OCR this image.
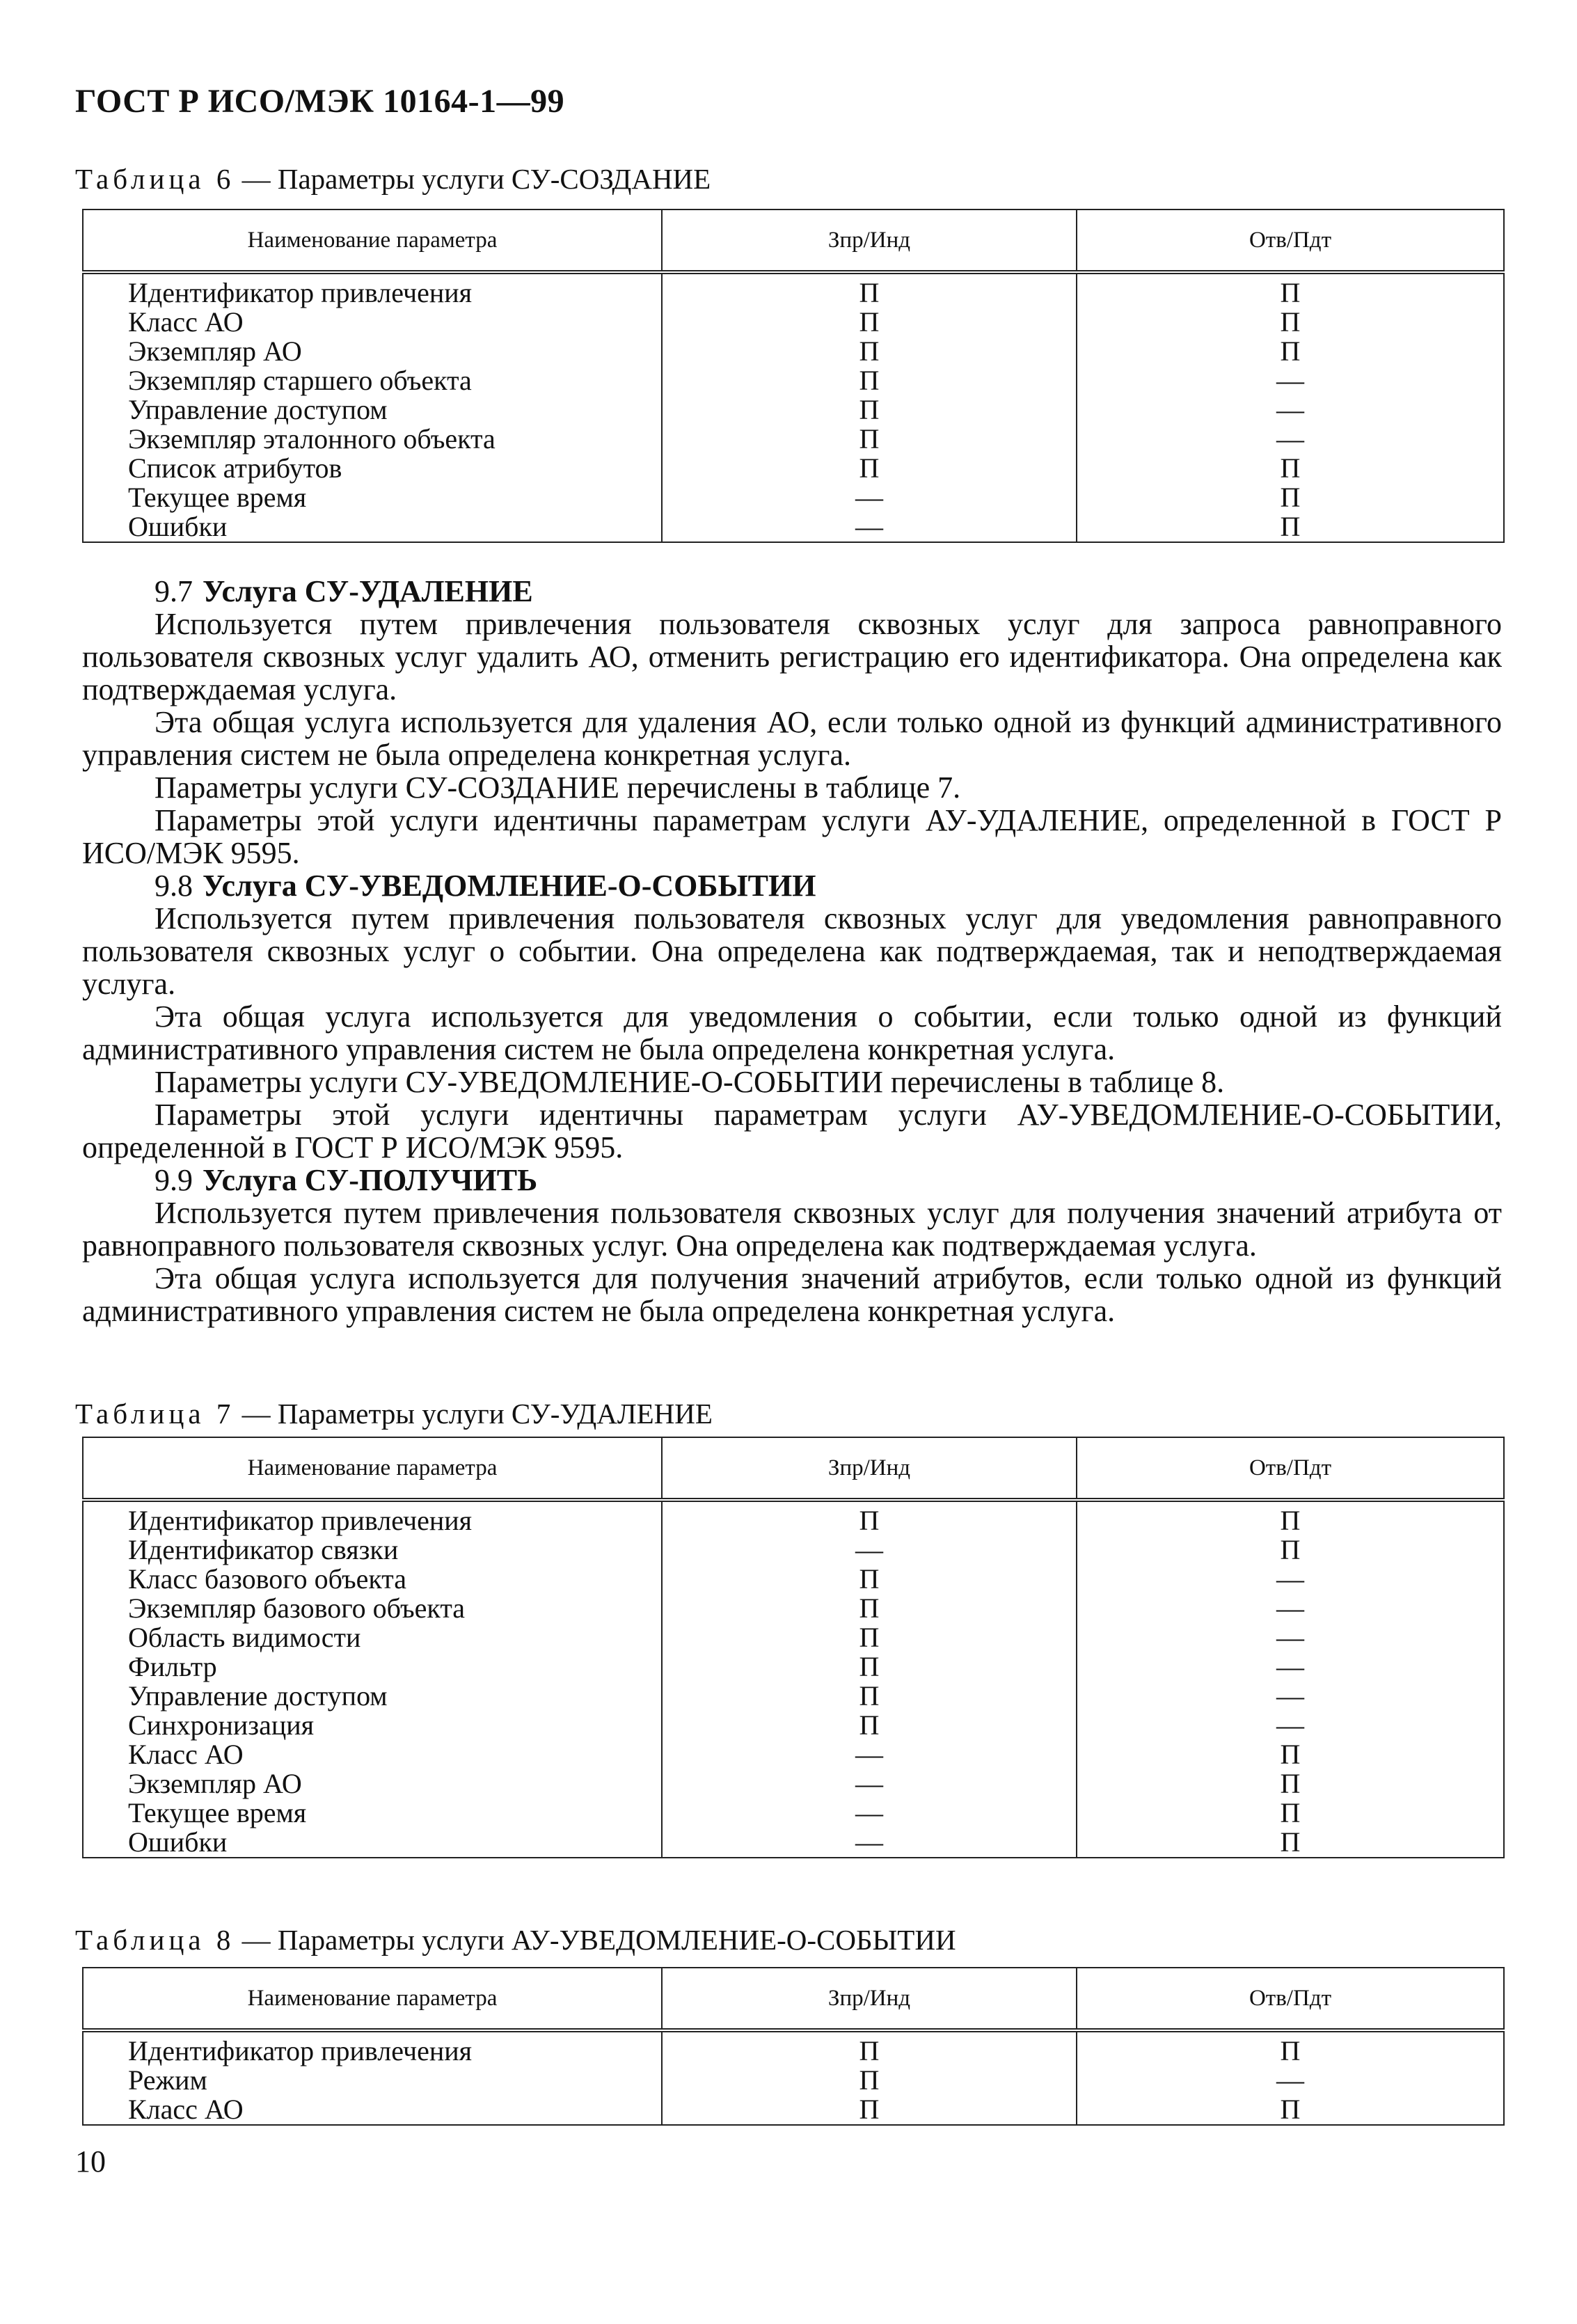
ГОСТ Р ИСО/МЭК 10164-1—99
Таблица 6 — Параметры услуги СУ-СОЗДАНИЕ
Наименование параметра	Зпр/Инд	Отв/Пдт
Идентификатор привлечения	П	П
Класс АО	П	П
Экземпляр АО	П	П
Экземпляр старшего объекта	П	—
Управление доступом	П	—
Экземпляр эталонного объекта	П	—
Список атрибутов	П	П
Текущее время	—	П
Ошибки	—	П

9.7 Услуга СУ-УДАЛЕНИЕ

Используется путем привлечения пользователя сквозных услуг для запроса равноправного пользователя сквозных услуг удалить АО, отменить регистрацию его идентификатора. Она определена как подтверждаемая услуга.

Эта общая услуга используется для удаления АО, если только одной из функций административного управления систем не была определена конкретная услуга.

Параметры услуги СУ-СОЗДАНИЕ перечислены в таблице 7.

Параметры этой услуги идентичны параметрам услуги АУ-УДАЛЕНИЕ, определенной в ГОСТ Р ИСО/МЭК 9595.

9.8 Услуга СУ-УВЕДОМЛЕНИЕ-О-СОБЫТИИ

Используется путем привлечения пользователя сквозных услуг для уведомления равноправного пользователя сквозных услуг о событии. Она определена как подтверждаемая, так и неподтверждаемая услуга.

Эта общая услуга используется для уведомления о событии, если только одной из функций административного управления систем не была определена конкретная услуга.

Параметры услуги СУ-УВЕДОМЛЕНИЕ-О-СОБЫТИИ перечислены в таблице 8.

Параметры этой услуги идентичны параметрам услуги АУ-УВЕДОМЛЕНИЕ-О-СОБЫТИИ, определенной в ГОСТ Р ИСО/МЭК 9595.

9.9 Услуга СУ-ПОЛУЧИТЬ

Используется путем привлечения пользователя сквозных услуг для получения значений атрибута от равноправного пользователя сквозных услуг. Она определена как подтверждаемая услуга.

Эта общая услуга используется для получения значений атрибутов, если только одной из функций административного управления систем не была определена конкретная услуга.

Таблица 7 — Параметры услуги СУ-УДАЛЕНИЕ
Наименование параметра	Зпр/Инд	Отв/Пдт
Идентификатор привлечения	П	П
Идентификатор связки	—	П
Класс базового объекта	П	—
Экземпляр базового объекта	П	—
Область видимости	П	—
Фильтр	П	—
Управление доступом	П	—
Синхронизация	П	—
Класс АО	—	П
Экземпляр АО	—	П
Текущее время	—	П
Ошибки	—	П
Таблица 8 — Параметры услуги АУ-УВЕДОМЛЕНИЕ-О-СОБЫТИИ
Наименование параметра	Зпр/Инд	Отв/Пдт
Идентификатор привлечения	П	П
Режим	П	—
Класс АО	П	П
10
